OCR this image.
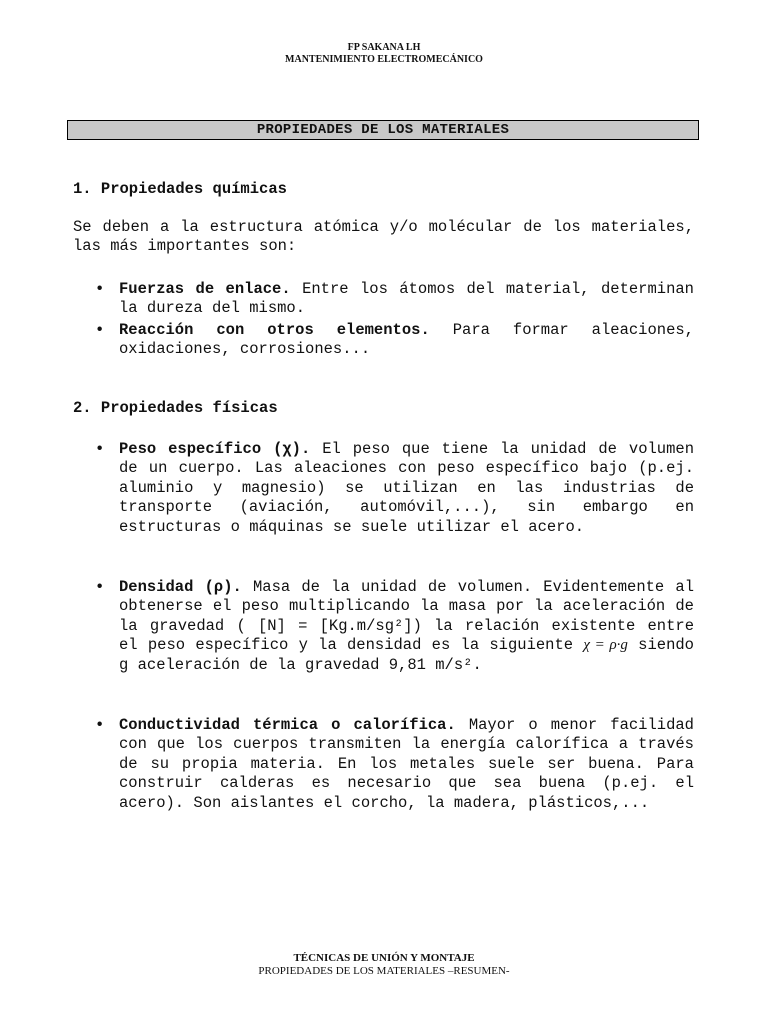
FP SAKANA LH
MANTENIMIENTO ELECTROMECÁNICO
PROPIEDADES DE LOS MATERIALES
1. Propiedades químicas

Se deben a la estructura atómica y/o molécular de los materiales, las más importantes son:

• Fuerzas de enlace. Entre los átomos del material, determinan la dureza del mismo.
• Reacción con otros elementos. Para formar aleaciones, oxidaciones, corrosiones...
2. Propiedades físicas
• Peso específico (χ). El peso que tiene la unidad de volumen de un cuerpo. Las aleaciones con peso específico bajo (p.ej. aluminio y magnesio) se utilizan en las industrias de transporte (aviación, automóvil,...), sin embargo en estructuras o máquinas se suele utilizar el acero.
• Densidad (ρ). Masa de la unidad de volumen. Evidentemente al obtenerse el peso multiplicando la masa por la aceleración de la gravedad ( [N] = [Kg.m/sg²]) la relación existente entre el peso específico y la densidad es la siguiente χ = ρ·g siendo g aceleración de la gravedad 9,81 m/s².
• Conductividad térmica o calorífica. Mayor o menor facilidad con que los cuerpos transmiten la energía calorífica a través de su propia materia. En los metales suele ser buena. Para construir calderas es necesario que sea buena (p.ej. el acero). Son aislantes el corcho, la madera, plásticos,...
TÉCNICAS DE UNIÓN Y MONTAJE
PROPIEDADES DE LOS MATERIALES –RESUMEN-
